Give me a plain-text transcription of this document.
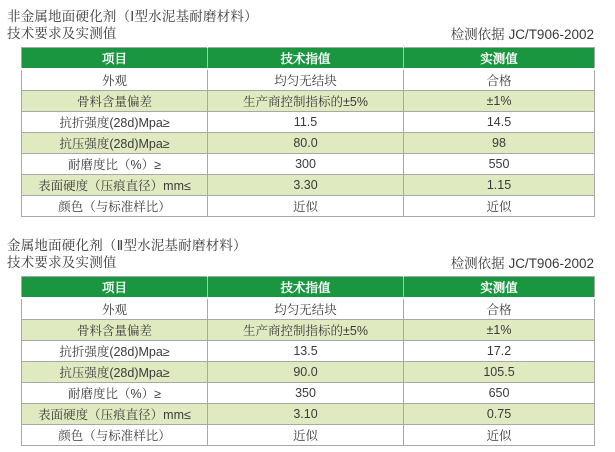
非金属地面硬化剂（Ⅰ型水泥基耐磨材料）
技术要求及实测值	检测依据 JC/T906-2002
项目	技术指值	实测值
外观	均匀无结块	合格
骨料含量偏差	生产商控制指标的±5%	±1%
抗折强度(28d)Mpa≥	11.5	14.5
抗压强度(28d)Mpa≥	80.0	98
耐磨度比（%）≥	300	550
表面硬度（压痕直径）mm≤	3.30	1.15
颜色（与标准样比）	近似	近似
金属地面硬化剂（Ⅱ型水泥基耐磨材料）
技术要求及实测值	检测依据 JC/T906-2002
项目	技术指值	实测值
外观	均匀无结块	合格
骨料含量偏差	生产商控制指标的±5%	±1%
抗折强度(28d)Mpa≥	13.5	17.2
抗压强度(28d)Mpa≥	90.0	105.5
耐磨度比（%）≥	350	650
表面硬度（压痕直径）mm≤	3.10	0.75
颜色（与标准样比）	近似	近似
